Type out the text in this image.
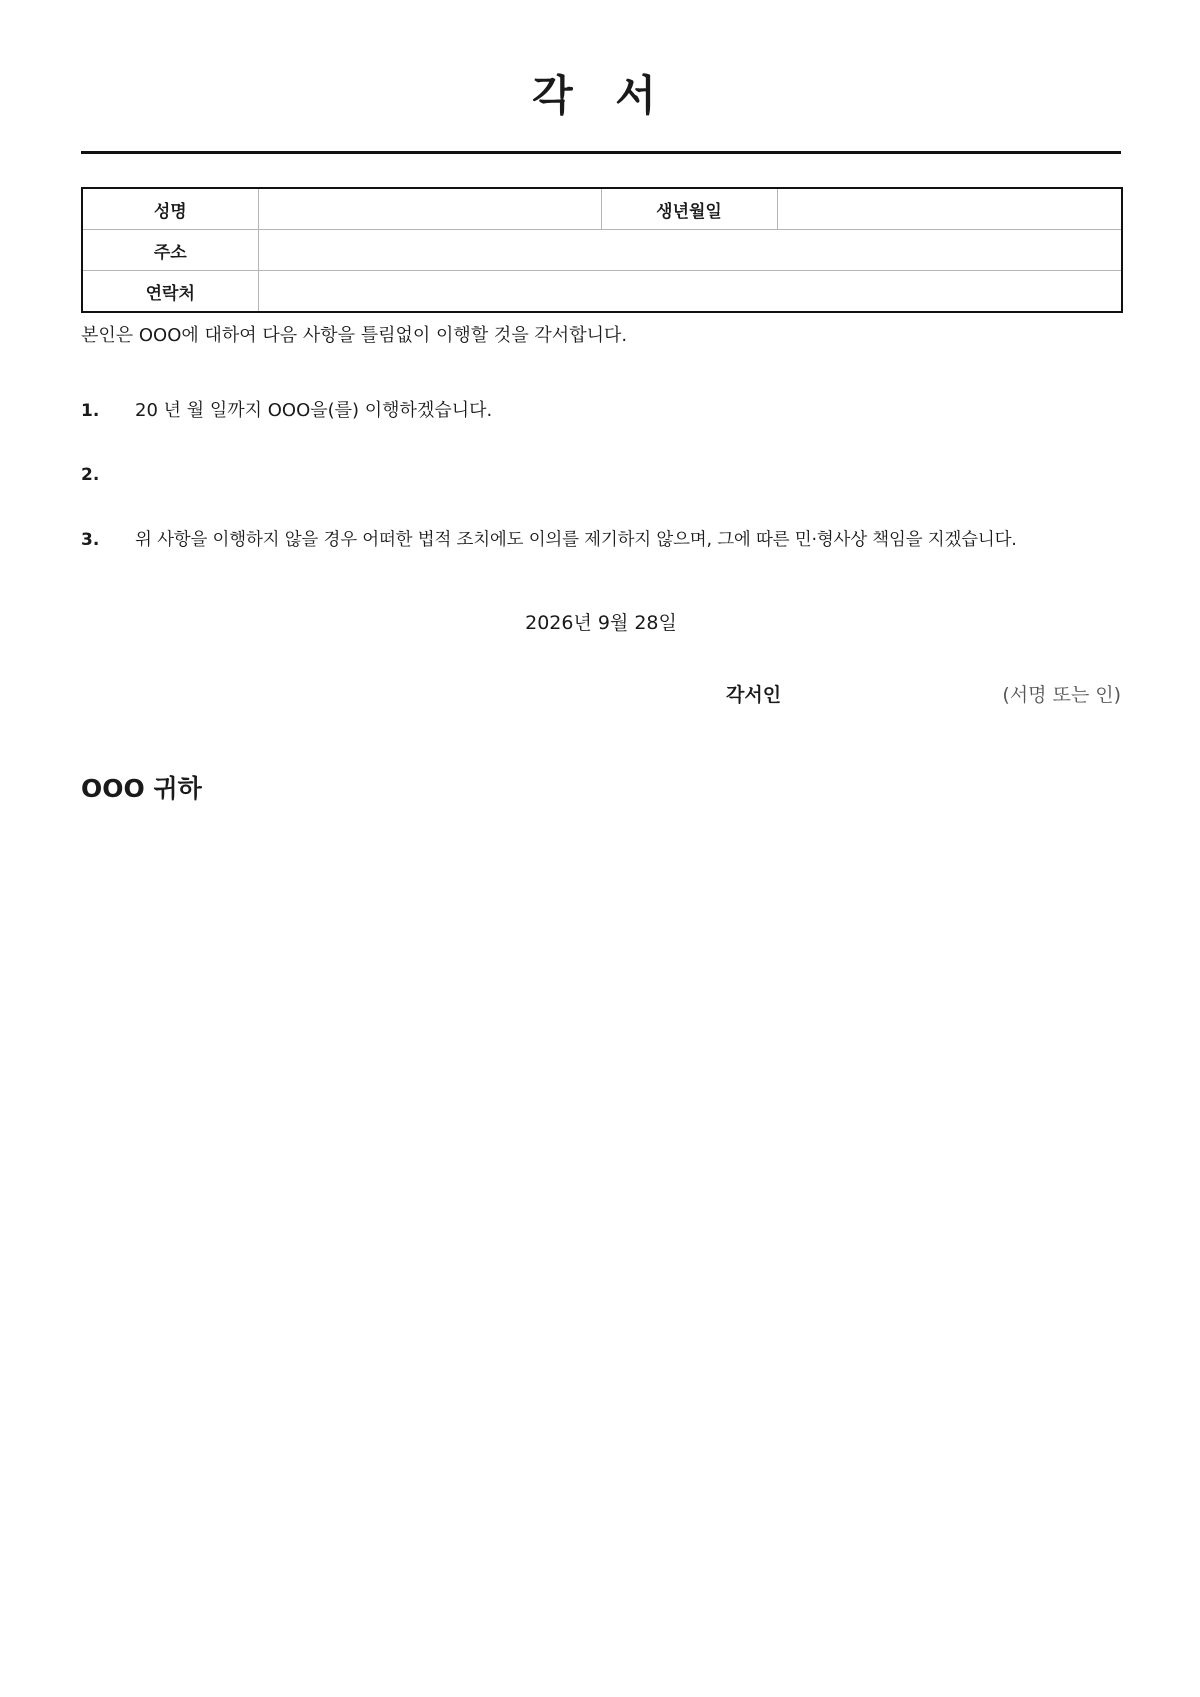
각 서
성명		생년월일	
주소			
연락처			

본인은 OOO에 대하여 다음 사항을 틀림없이 이행할 것을 각서합니다.

1. 20 년 월 일까지 OOO을(를) 이행하겠습니다.
2.
3. 위 사항을 이행하지 않을 경우 어떠한 법적 조치에도 이의를 제기하지 않으며, 그에 따른 민·형사상 책임을 지겠습니다.
2026년 9월 28일
각서인	(서명 또는 인)

OOO 귀하
